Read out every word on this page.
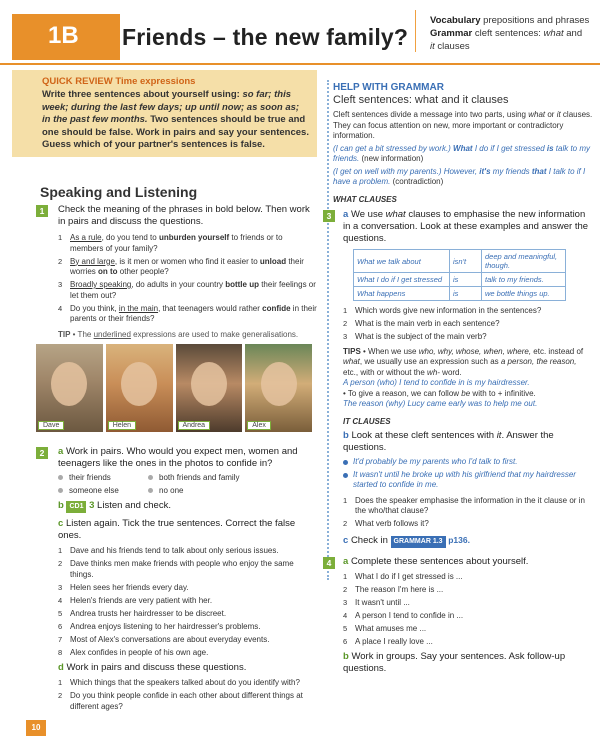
1B Friends – the new family?
Vocabulary prepositions and phrases
Grammar cleft sentences: what and
it clauses
QUICK REVIEW Time expressions
Write three sentences about yourself using: so far; this week; during the last few days; up until now; as soon as; in the past few months. Two sentences should be true and one should be false. Work in pairs and say your sentences. Guess which of your partner's sentences is false.
Speaking and Listening
1	Check the meaning of the phrases in bold below. Then work in pairs and discuss the questions.
1 As a rule, do you tend to unburden yourself to friends or to members of your family?
2 By and large, is it men or women who find it easier to unload their worries on to other people?
3 Broadly speaking, do adults in your country bottle up their feelings or let them out?
4 Do you think, in the main, that teenagers would rather confide in their parents or their friends?
TIP • The underlined expressions are used to make generalisations.
Dave	Helen	Andrea	Alex
2	a Work in pairs. Who would you expect men, women and teenagers like the ones in the photos to confide in?
their friends	both friends and family
someone else	no one
b CD1 3 Listen and check.
c Listen again. Tick the true sentences. Correct the false ones.
1 Dave and his friends tend to talk about only serious issues.
2 Dave thinks men make friends with people who enjoy the same things.
3 Helen sees her friends every day.
4 Helen's friends are very patient with her.
5 Andrea trusts her hairdresser to be discreet.
6 Andrea enjoys listening to her hairdresser's problems.
7 Most of Alex's conversations are about everyday events.
8 Alex confides in people of his own age.
d Work in pairs and discuss these questions.
1 Which things that the speakers talked about do you identify with?
2 Do you think people confide in each other about different things at different ages?
10
HELP WITH GRAMMAR
Cleft sentences: what and it clauses
Cleft sentences divide a message into two parts, using what or it clauses. They can focus attention on new, more important or contradictory information.
(I can get a bit stressed by work.) What I do if I get stressed is talk to my friends. (new information)
(I get on well with my parents.) However, it's my friends that I talk to if I have a problem. (contradiction)
WHAT CLAUSES
3	a We use what clauses to emphasise the new information in a conversation. Look at these examples and answer the questions.
What we talk about	isn't	deep and meaningful, though.
What I do if I get stressed	is	talk to my friends.
What happens	is	we bottle things up.
1 Which words give new information in the sentences?
2 What is the main verb in each sentence?
3 What is the subject of the main verb?
TIPS • When we use who, why, whose, when, where, etc. instead of what, we usually use an expression such as a person, the reason, etc., with or without the wh- word.
A person (who) I tend to confide in is my hairdresser.
• To give a reason, we can follow be with to + infinitive.
The reason (why) Lucy came early was to help me out.
IT CLAUSES
b Look at these cleft sentences with it. Answer the questions.
It'd probably be my parents who I'd talk to first.
It wasn't until he broke up with his girlfriend that my hairdresser started to confide in me.
1 Does the speaker emphasise the information in the it clause or in the who/that clause?
2 What verb follows it?
c Check in GRAMMAR 1.3 p136.
4	a Complete these sentences about yourself.
1 What I do if I get stressed is ...
2 The reason I'm here is ...
3 It wasn't until ...
4 A person I tend to confide in ...
5 What amuses me ...
6 A place I really love ...
b Work in groups. Say your sentences. Ask follow-up questions.
